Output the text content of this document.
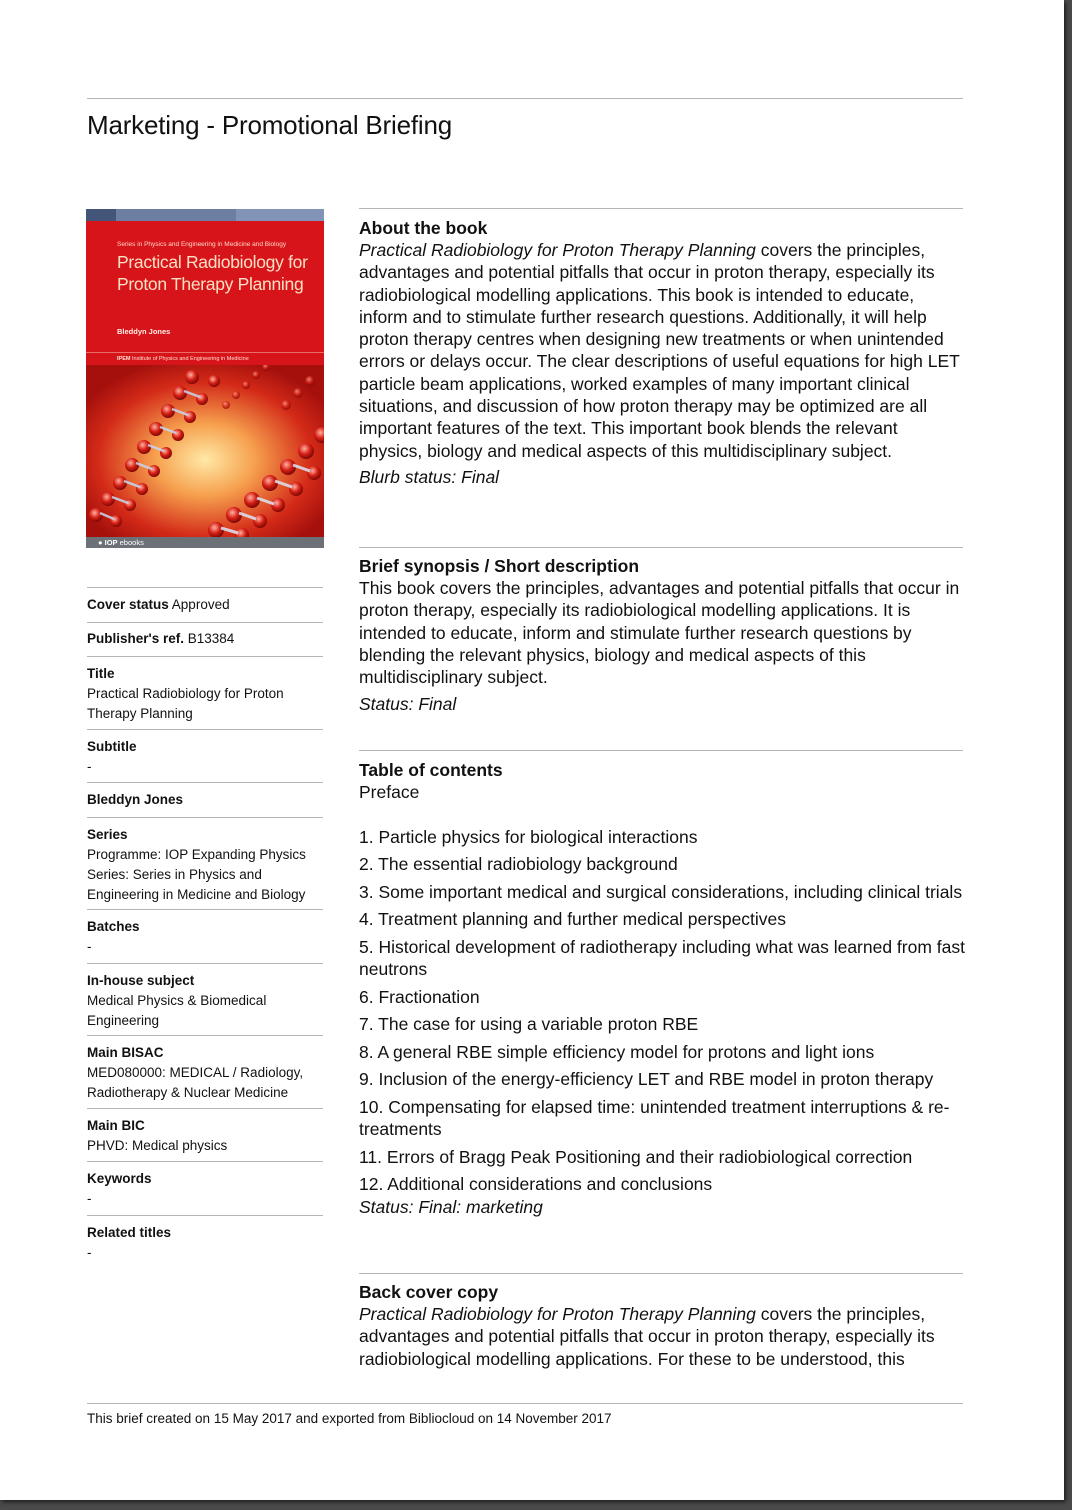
Marketing - Promotional Briefing
Series in Physics and Engineering in Medicine and Biology
Practical Radiobiology for Proton Therapy Planning
Bleddyn Jones
IPEM Institute of Physics and Engineering in Medicine
● IOP ebooks
Cover status Approved
Publisher's ref. B13384
Title
Practical Radiobiology for Proton Therapy Planning
Subtitle
-
Bleddyn Jones
Series
Programme: IOP Expanding Physics
Series: Series in Physics and Engineering in Medicine and Biology
Batches
-
In-house subject
Medical Physics & Biomedical Engineering
Main BISAC
MED080000: MEDICAL / Radiology, Radiotherapy & Nuclear Medicine
Main BIC
PHVD: Medical physics
Keywords
-
Related titles
-
About the book

Practical Radiobiology for Proton Therapy Planning covers the principles, advantages and potential pitfalls that occur in proton therapy, especially its radiobiological modelling applications. This book is intended to educate, inform and to stimulate further research questions. Additionally, it will help proton therapy centres when designing new treatments or when unintended errors or delays occur. The clear descriptions of useful equations for high LET particle beam applications, worked examples of many important clinical situations, and discussion of how proton therapy may be optimized are all important features of the text. This important book blends the relevant physics, biology and medical aspects of this multidisciplinary subject.

Blurb status: Final
Brief synopsis / Short description

This book covers the principles, advantages and potential pitfalls that occur in proton therapy, especially its radiobiological modelling applications. It is intended to educate, inform and stimulate further research questions by blending the relevant physics, biology and medical aspects of this multidisciplinary subject.

Status: Final
Table of contents
Preface
1. Particle physics for biological interactions
2. The essential radiobiology background
3. Some important medical and surgical considerations, including clinical trials
4. Treatment planning and further medical perspectives
5. Historical development of radiotherapy including what was learned from fast neutrons
6. Fractionation
7. The case for using a variable proton RBE
8. A general RBE simple efficiency model for protons and light ions
9. Inclusion of the energy-efficiency LET and RBE model in proton therapy
10. Compensating for elapsed time: unintended treatment interruptions & re-treatments
11. Errors of Bragg Peak Positioning and their radiobiological correction
12. Additional considerations and conclusions
Status: Final: marketing
Back cover copy

Practical Radiobiology for Proton Therapy Planning covers the principles, advantages and potential pitfalls that occur in proton therapy, especially its radiobiological modelling applications. For these to be understood, this

This brief created on 15 May 2017 and exported from Bibliocloud on 14 November 2017
